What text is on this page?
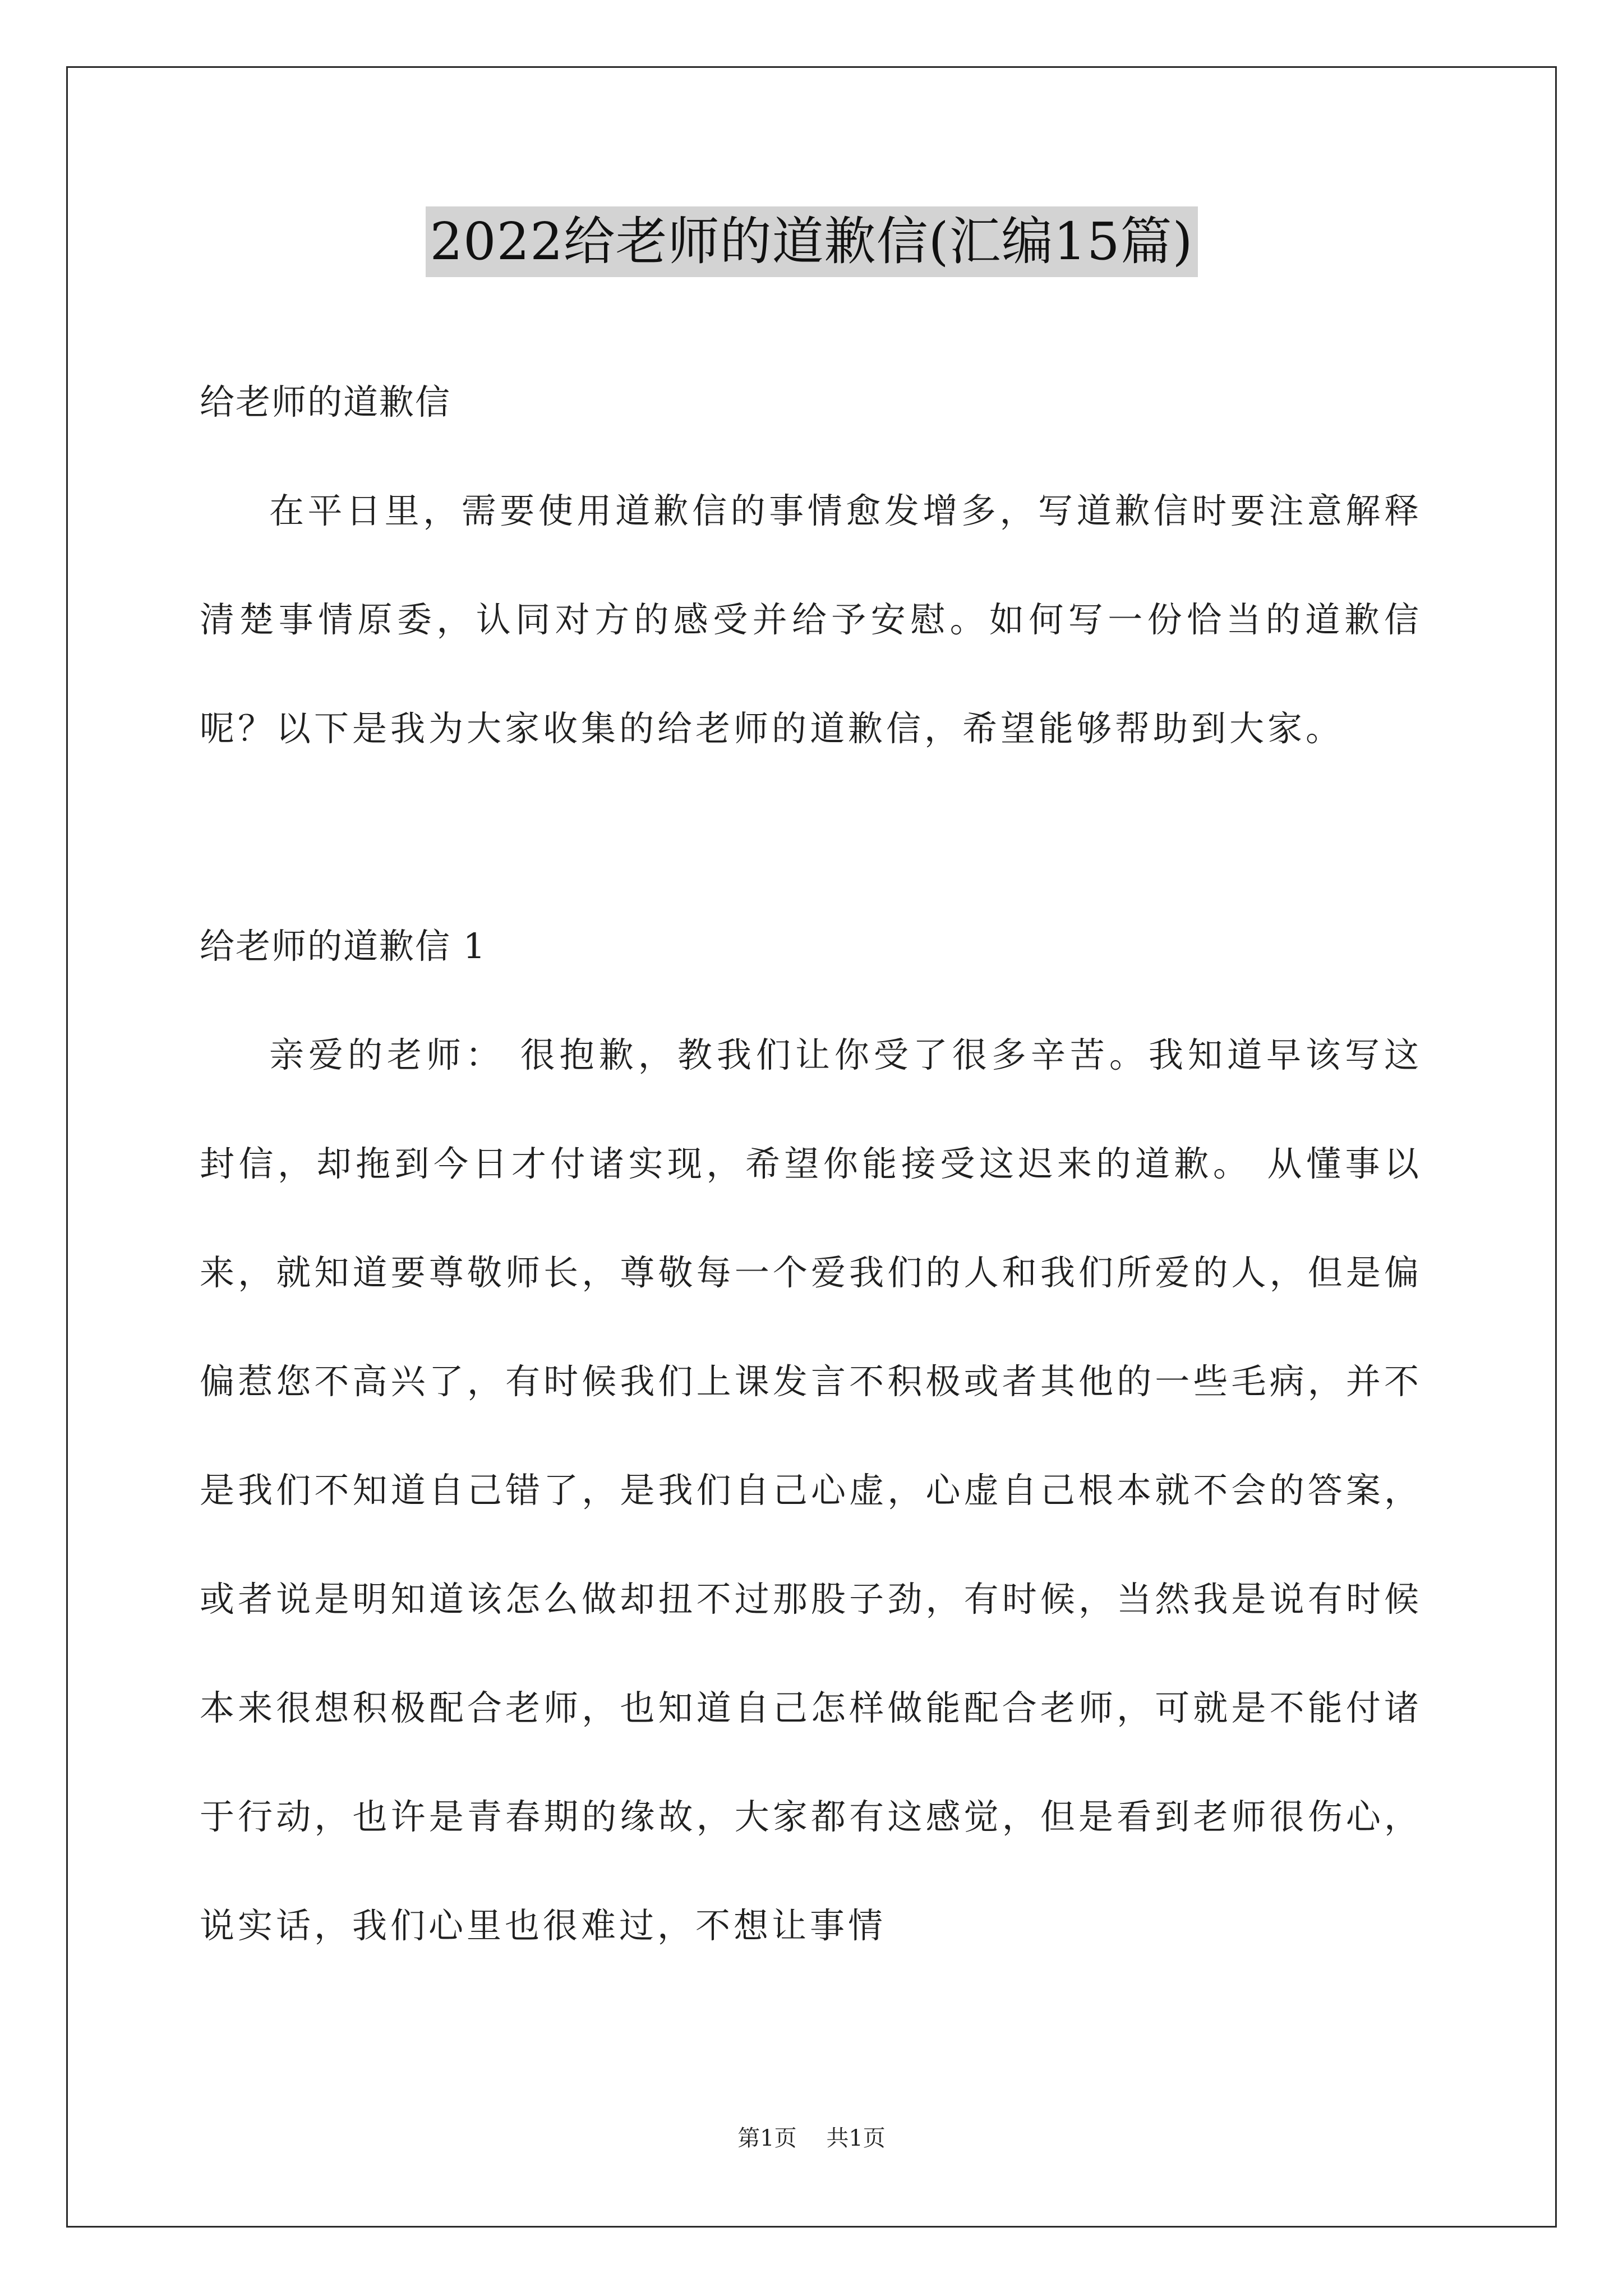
2022给老师的道歉信(汇编15篇)

给老师的道歉信

在平日里，需要使用道歉信的事情愈发增多，写道歉信时要注意解释清楚事情原委，认同对方的感受并给予安慰。如何写一份恰当的道歉信呢？以下是我为大家收集的给老师的道歉信，希望能够帮助到大家。

给老师的道歉信 1

亲爱的老师： 很抱歉，教我们让你受了很多辛苦。我知道早该写这封信，却拖到今日才付诸实现，希望你能接受这迟来的道歉。 从懂事以来，就知道要尊敬师长，尊敬每一个爱我们的人和我们所爱的人，但是偏偏惹您不高兴了，有时候我们上课发言不积极或者其他的一些毛病，并不是我们不知道自己错了，是我们自己心虚，心虚自己根本就不会的答案，或者说是明知道该怎么做却扭不过那股子劲，有时候，当然我是说有时候本来很想积极配合老师，也知道自己怎样做能配合老师，可就是不能付诸于行动，也许是青春期的缘故，大家都有这感觉，但是看到老师很伤心，说实话，我们心里也很难过，不想让事情

第1页 共1页
